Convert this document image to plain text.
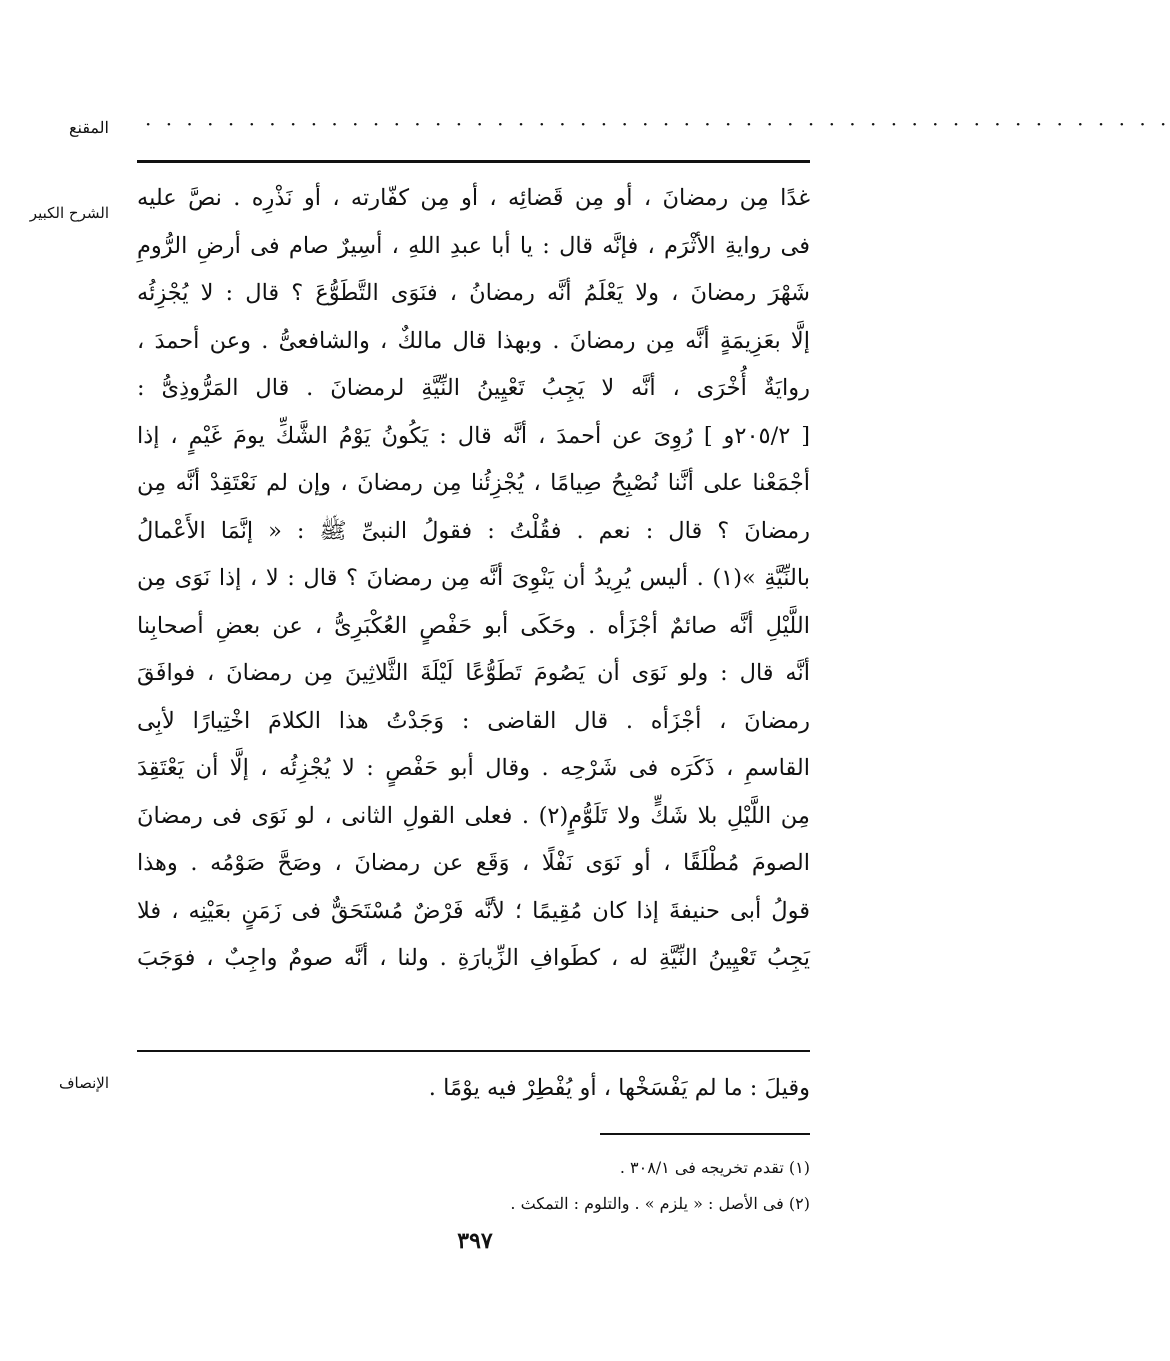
المقنع · · · · · · · · · · · · · · · · · · · · · · · · · · · · · · · · · · · · · · · · · · · · · · · · · ·
الشرح الكبير
الإنصاف
غدًا مِن رمضانَ ، أو مِن قَضائِه ، أو مِن كفّارته ، أو نَذْرِه . نصَّ عليه
فى روايةِ الأثْرَم ، فإنَّه قال : يا أبا عبدِ اللهِ ، أسِيرٌ صام فى أرضِ الرُّومِ
شَهْرَ رمضانَ ، ولا يَعْلَمُ أنَّه رمضانُ ، فنَوَى التَّطَوُّعَ ؟ قال : لا يُجْزِئُه
إلَّا بعَزِيمَةٍ أنَّه مِن رمضانَ . وبهذا قال مالكٌ ، والشافعىُّ . وعن أحمدَ ،
روايَةٌ أُخْرَى ، أنَّه لا يَجِبُ تَعْيِينُ النِّيَّةِ لرمضانَ . قال المَرُّوذِىُّ :
[ ٢٠٥/٢و ] رُوِىَ عن أحمدَ ، أنَّه قال : يَكُونُ يَوْمُ الشَّكِّ يومَ غَيْمٍ ، إذا
أجْمَعْنا على أنَّنا نُصْبِحُ صِيامًا ، يُجْزِئُنا مِن رمضانَ ، وإن لم نَعْتَقِدْ أنَّه مِن
رمضانَ ؟ قال : نعم . فقُلْتُ : فقولُ النبىِّ ﷺ : « إنَّمَا الأَعْمالُ
بالنِّيَّةِ »(١) . أليس يُرِيدُ أن يَنْوِىَ أنَّه مِن رمضانَ ؟ قال : لا ، إذا نَوَى مِن
اللَّيْلِ أنَّه صائمٌ أجْزَأه . وحَكَى أبو حَفْصٍ العُكْبَرِىُّ ، عن بعضِ أصحابِنا
أنَّه قال : ولو نَوَى أن يَصُومَ تَطَوُّعًا لَيْلَةَ الثَّلاثِينَ مِن رمضانَ ، فوافَقَ
رمضانَ ، أجْزَأه . قال القاضى : وَجَدْتُ هذا الكلامَ اخْتِيارًا لأبِى
القاسمِ ، ذَكَرَه فى شَرْحِه . وقال أبو حَفْصٍ : لا يُجْزِئُه ، إلَّا أن يَعْتَقِدَ
مِن اللَّيْلِ بلا شَكٍّ ولا تَلَوُّمٍ(٢) . فعلى القولِ الثانى ، لو نَوَى فى رمضانَ
الصومَ مُطْلَقًا ، أو نَوَى نَفْلًا ، وَقَع عن رمضانَ ، وصَحَّ صَوْمُه . وهذا
قولُ أبى حنيفةَ إذا كان مُقِيمًا ؛ لأنَّه فَرْضٌ مُسْتَحَقٌّ فى زَمَنٍ بعَيْنِه ، فلا
يَجِبُ تَعْيِينُ النِّيَّةِ له ، كطَوافِ الزِّيارَةِ . ولنا ، أنَّه صومٌ واجِبٌ ، فوَجَبَ
وقيلَ : ما لم يَفْسَخْها ، أو يُفْطِرْ فيه يوْمًا .
(١) تقدم تخريجه فى ٣٠٨/١ .
(٢) فى الأصل : « يلزم » . والتلوم : التمكث .
٣٩٧
